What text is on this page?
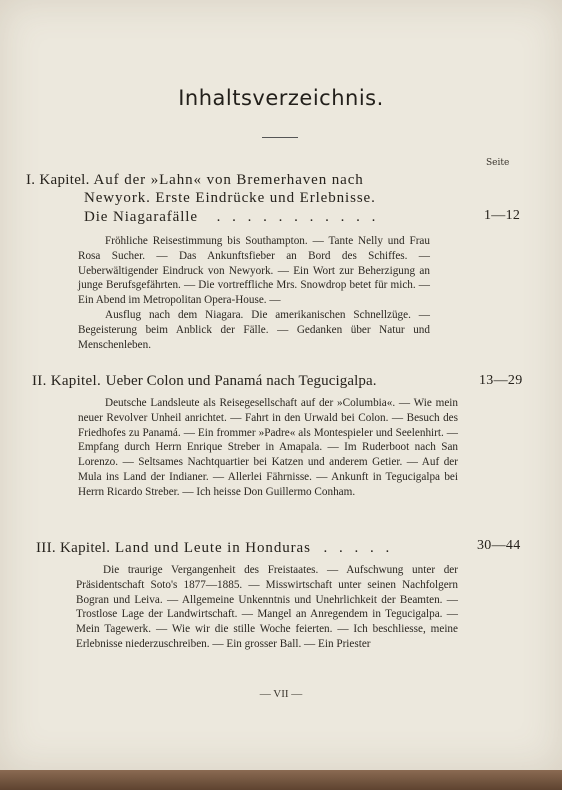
Inhaltsverzeichnis.
Seite
I. Kapitel. Auf der »Lahn« von Bremerhaven nach
Newyork. Erste Eindrücke und Erlebnisse.
Die Niagarafälle . . . . . . . . . . .	1—12

Fröhliche Reisestimmung bis Southampton. — Tante Nelly und Frau Rosa Sucher. — Das Ankunftsfieber an Bord des Schiffes. — Ueberwältigender Eindruck von Newyork. — Ein Wort zur Beherzigung an junge Berufsgefährten. — Die vortreffliche Mrs. Snowdrop betet für mich. — Ein Abend im Metropolitan Opera-House. —

Ausflug nach dem Niagara. Die amerikanischen Schnellzüge. — Begeisterung beim Anblick der Fälle. — Gedanken über Natur und Menschenleben.

II. Kapitel. Ueber Colon und Panamá nach Tegucigalpa.	13—29

Deutsche Landsleute als Reisegesellschaft auf der »Columbia«. — Wie mein neuer Revolver Unheil anrichtet. — Fahrt in den Urwald bei Colon. — Besuch des Friedhofes zu Panamá. — Ein frommer »Padre« als Montespieler und Seelenhirt. — Empfang durch Herrn Enrique Streber in Amapala. — Im Ruderboot nach San Lorenzo. — Seltsames Nachtquartier bei Katzen und anderem Getier. — Auf der Mula ins Land der Indianer. — Allerlei Fährnisse. — Ankunft in Tegucigalpa bei Herrn Ricardo Streber. — Ich heisse Don Guillermo Conham.

III. Kapitel. Land und Leute in Honduras . . . . .	30—44

Die traurige Vergangenheit des Freistaates. — Aufschwung unter der Präsidentschaft Soto's 1877—1885. — Misswirtschaft unter seinen Nachfolgern Bogran und Leiva. — Allgemeine Unkenntnis und Unehrlichkeit der Beamten. — Trostlose Lage der Landwirtschaft. — Mangel an Anregendem in Tegucigalpa. — Mein Tagewerk. — Wie wir die stille Woche feierten. — Ich beschliesse, meine Erlebnisse niederzuschreiben. — Ein grosser Ball. — Ein Priester

— VII —
